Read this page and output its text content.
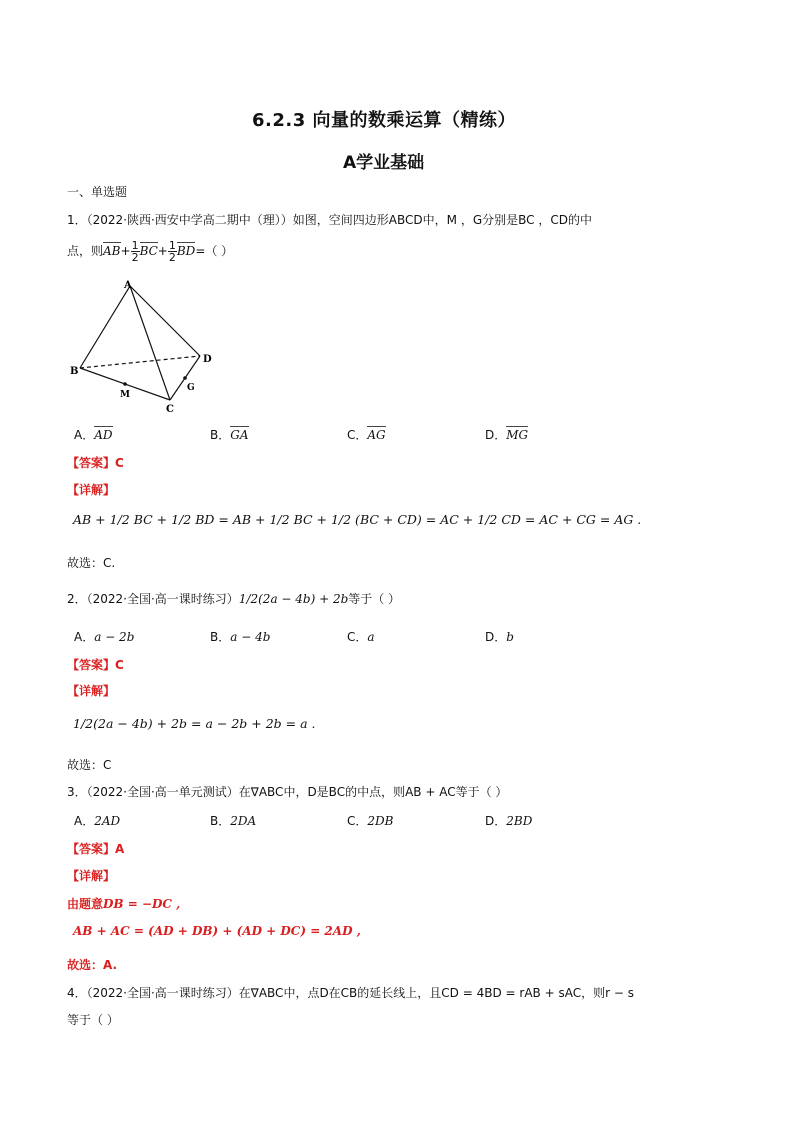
6.2.3 向量的数乘运算（精练）
A学业基础
一、单选题
1．（2022·陕西·西安中学高二期中（理））如图，空间四边形ABCD中，M ，G分别是BC ，CD的中
点，则$AB+ \frac{1}{2} BC+ \frac{1}{2} BD=$（ ）
A
B
C
D
M
G
A．AD	B．GA	C．AG	D．MG
【答案】C
【详解】
AB + 1/2 BC + 1/2 BD = AB + 1/2 BC + 1/2 (BC + CD) = AC + 1/2 CD = AC + CG = AG .
故选：C.
2．（2022·全国·高一课时练习）1/2(2a − 4b) + 2b等于（ ）
A．a − 2b	B．a − 4b	C．a	D．b
【答案】C
【详解】
1/2(2a − 4b) + 2b = a − 2b + 2b = a .
故选：C
3．（2022·全国·高一单元测试）在∇ABC中，D是BC的中点，则AB + AC等于（ ）
A．2AD	B．2DA	C．2DB	D．2BD
【答案】A
【详解】
由题意DB = −DC ,
AB + AC = (AD + DB) + (AD + DC) = 2AD ,
故选：A.
4．（2022·全国·高一课时练习）在∇ABC中，点D在CB的延长线上，且CD = 4BD = rAB + sAC，则r − s
等于（ ）
